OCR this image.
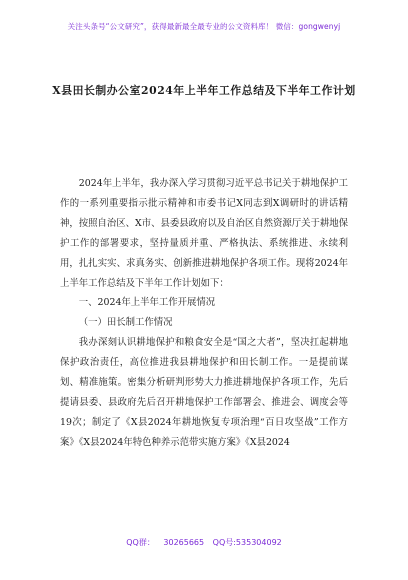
关注头条号“公文研究”，获得最新最全最专业的公文资料库！ 微信：gongwenyj
X县田长制办公室2024年上半年工作总结及下半年工作计划

2024年上半年，我办深入学习贯彻习近平总书记关于耕地保护工作的一系列重要指示批示精神和市委书记X同志到X调研时的讲话精神，按照自治区、X市、县委县政府以及自治区自然资源厅关于耕地保护工作的部署要求，坚持量质并重、严格执法、系统推进、永续利用，扎扎实实、求真务实、创新推进耕地保护各项工作。现将2024年上半年工作总结及下半年工作计划如下：

一、2024年上半年工作开展情况

（一）田长制工作情况

我办深刻认识耕地保护和粮食安全是“国之大者”，坚决扛起耕地保护政治责任，高位推进我县耕地保护和田长制工作。一是提前谋划、精准施策。密集分析研判形势大力推进耕地保护各项工作，先后提请县委、县政府先后召开耕地保护工作部署会、推进会、调度会等19次；制定了《X县2024年耕地恢复专项治理“百日攻坚战”工作方案》《X县2024年特色种养示范带实施方案》《X县2024

QQ群： 30265665 QQ号:535304092
